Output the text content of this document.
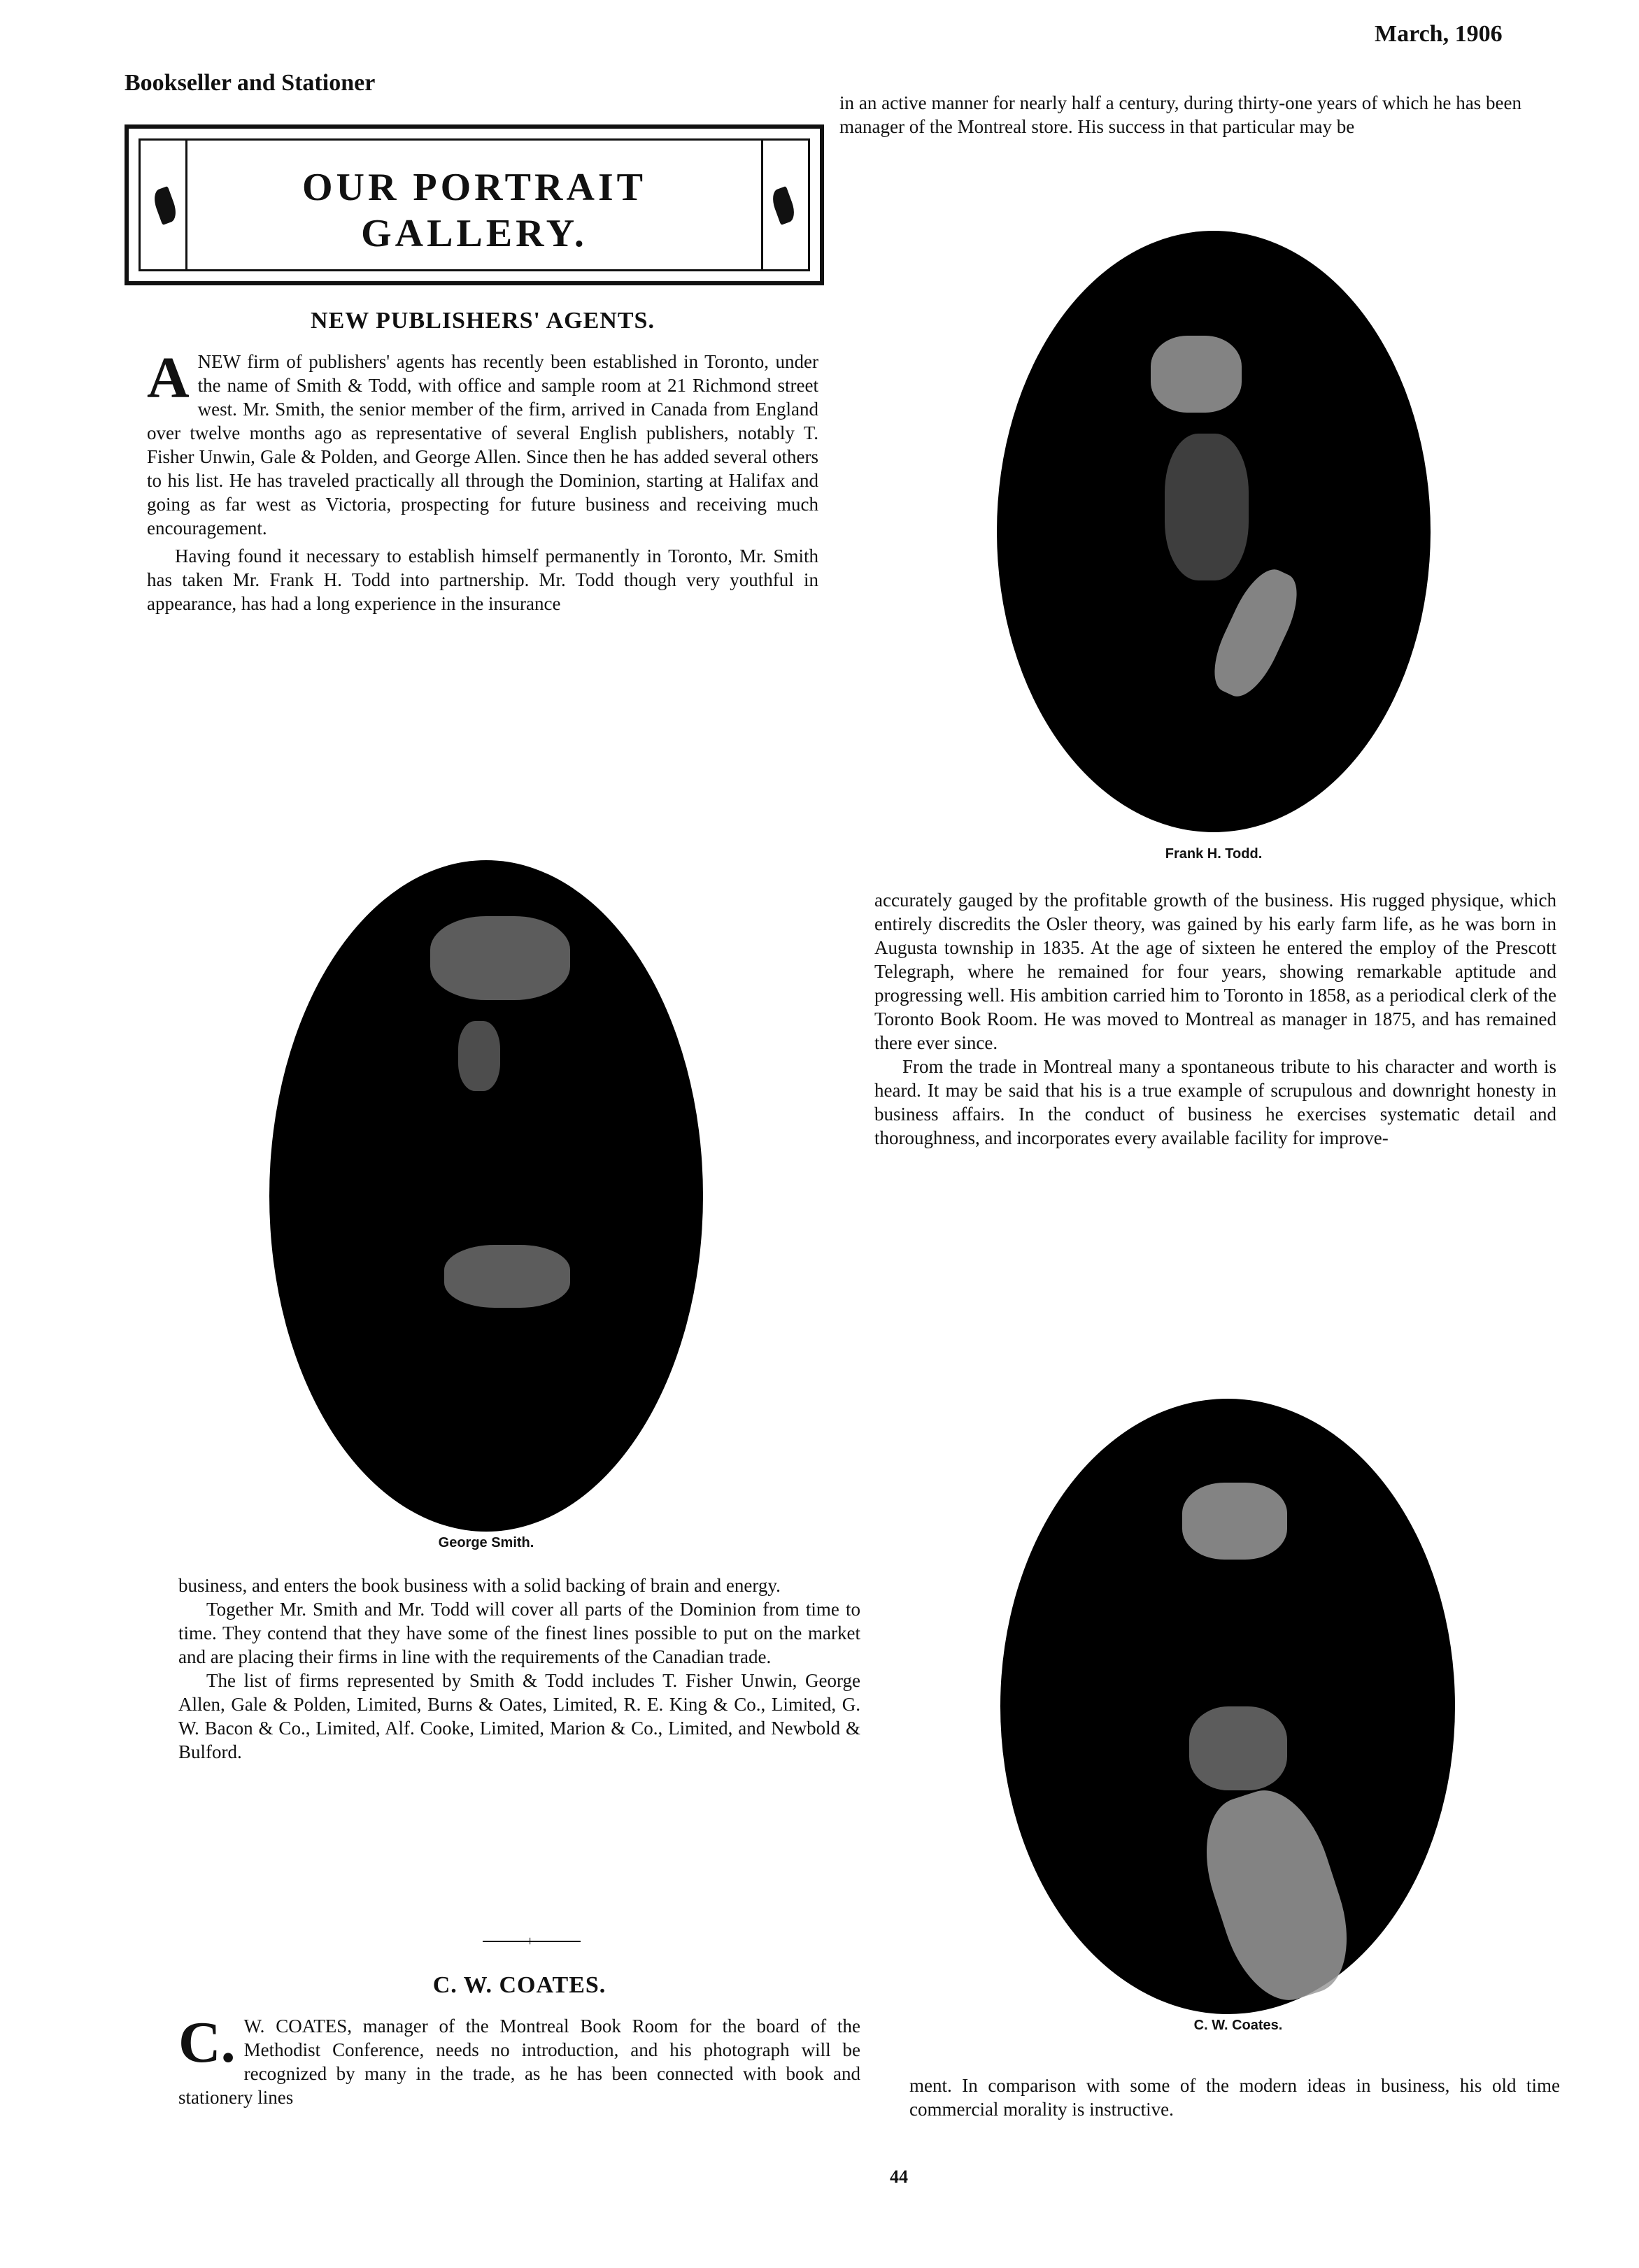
March, 1906
Bookseller and Stationer
OUR PORTRAIT
GALLERY.
NEW PUBLISHERS' AGENTS.

ANEW firm of publishers' agents has recently been established in Toronto, under the name of Smith & Todd, with office and sample room at 21 Richmond street west. Mr. Smith, the senior member of the firm, arrived in Canada from England over twelve months ago as representative of several English publishers, notably T. Fisher Unwin, Gale & Polden, and George Allen. Since then he has added several others to his list. He has traveled practically all through the Dominion, starting at Halifax and going as far west as Victoria, prospecting for future business and receiving much encouragement.

Having found it necessary to establish himself permanently in Toronto, Mr. Smith has taken Mr. Frank H. Todd into partnership. Mr. Todd though very youthful in appearance, has had a long experience in the insurance

business, and enters the book business with a solid backing of brain and energy.

Together Mr. Smith and Mr. Todd will cover all parts of the Dominion from time to time. They contend that they have some of the finest lines possible to put on the market and are placing their firms in line with the requirements of the Canadian trade.

The list of firms represented by Smith & Todd includes T. Fisher Unwin, George Allen, Gale & Polden, Limited, Burns & Oates, Limited, R. E. King & Co., Limited, G. W. Bacon & Co., Limited, Alf. Cooke, Limited, Marion & Co., Limited, and Newbold & Bulford.

+
C. W. COATES.

C. W. COATES, manager of the Montreal Book Room for the board of the Methodist Conference, needs no introduction, and his photograph will be recognized by many in the trade, as he has been connected with book and stationery lines

in an active manner for nearly half a century, during thirty-one years of which he has been manager of the Montreal store. His success in that particular may be

accurately gauged by the profitable growth of the business. His rugged physique, which entirely discredits the Osler theory, was gained by his early farm life, as he was born in Augusta township in 1835. At the age of sixteen he entered the employ of the Prescott Telegraph, where he remained for four years, showing remarkable aptitude and progressing well. His ambition carried him to Toronto in 1858, as a periodical clerk of the Toronto Book Room. He was moved to Montreal as manager in 1875, and has remained there ever since.

From the trade in Montreal many a spontaneous tribute to his character and worth is heard. It may be said that his is a true example of scrupulous and downright honesty in business affairs. In the conduct of business he exercises systematic detail and thoroughness, and incorporates every available facility for improve-

ment. In comparison with some of the modern ideas in business, his old time commercial morality is instructive.

Frank H. Todd.
George Smith.
C. W. Coates.
44
